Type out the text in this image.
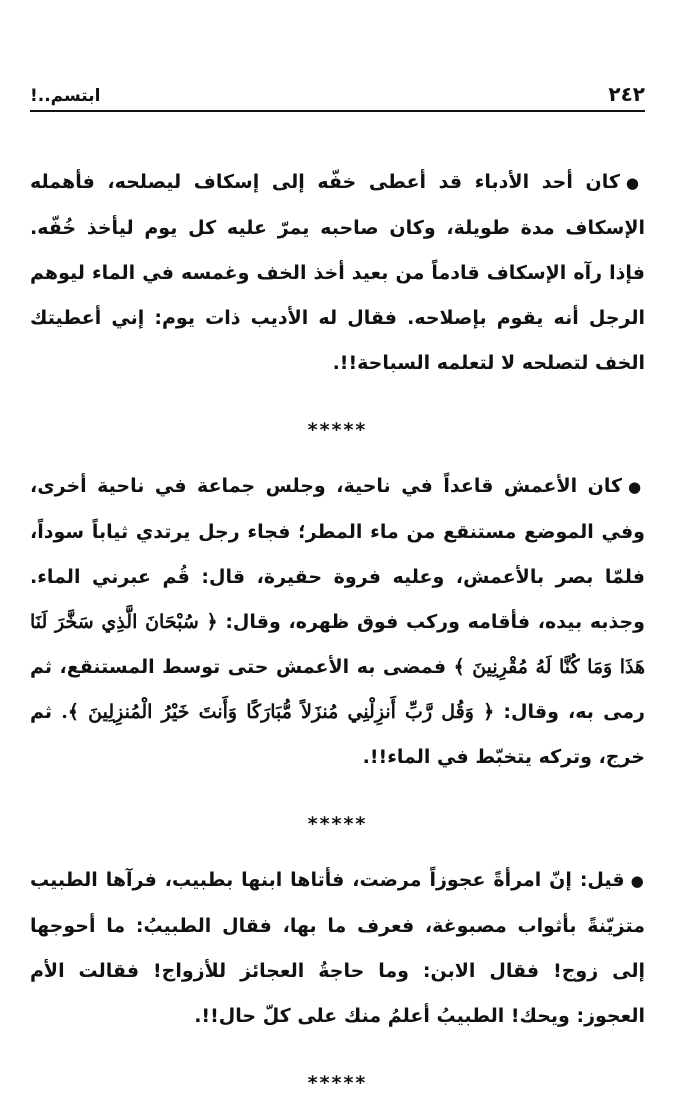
٢٤٢
ابتسم..!

●كان أحد الأدباء قد أعطى خفّه إلى إسكاف ليصلحه، فأهمله الإسكاف مدة طويلة، وكان صاحبه يمرّ عليه كل يوم ليأخذ خُفّه. فإذا رآه الإسكاف قادماً من بعيد أخذ الخف وغمسه في الماء ليوهم الرجل أنه يقوم بإصلاحه. فقال له الأديب ذات يوم: إني أعطيتك الخف لتصلحه لا لتعلمه السباحة!!.

*****

●كان الأعمش قاعداً في ناحية، وجلس جماعة في ناحية أخرى، وفي الموضع مستنقع من ماء المطر؛ فجاء رجل يرتدي ثياباً سوداً، فلمّا بصر بالأعمش، وعليه فروة حقيرة، قال: قُم عبرني الماء. وجذبه بيده، فأقامه وركب فوق ظهره، وقال: ﴿ سُبْحَانَ الَّذِي سَخَّرَ لَنَا هَذَا وَمَا كُنَّا لَهُ مُقْرِنِينَ ﴾ فمضى به الأعمش حتى توسط المستنقع، ثم رمى به، وقال: ﴿ وَقُل رَّبِّ أَنزِلْنِي مُنزَلاً مُّبَارَكًا وَأَنتَ خَيْرُ الْمُنزِلِينَ ﴾. ثم خرج، وتركه يتخبّط في الماء!!.

*****

●قيل: إنّ امرأةً عجوزاً مرضت، فأتاها ابنها بطبيب، فرآها الطبيب متزيّنةً بأثواب مصبوغة، فعرف ما بها، فقال الطبيبُ: ما أحوجها إلى زوج! فقال الابن: وما حاجةُ العجائز للأزواج! فقالت الأم العجوز: ويحك! الطبيبُ أعلمُ منك على كلّ حال!!.

*****
